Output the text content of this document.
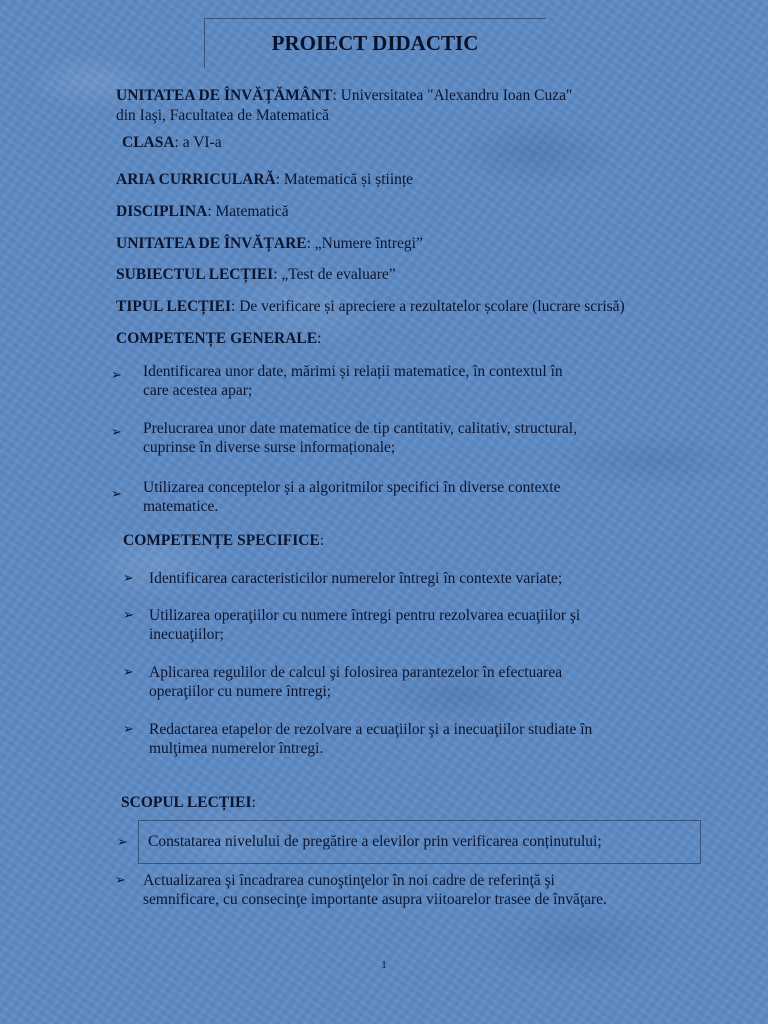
PROIECT DIDACTIC
UNITATEA DE ÎNVĂȚĂMÂNT: Universitatea "Alexandru Ioan Cuza"
din Iaşi, Facultatea de Matematică
CLASA: a VI-a
ARIA CURRICULARĂ: Matematică și științe
DISCIPLINA: Matematică
UNITATEA DE ÎNVĂȚARE: „Numere întregi”
SUBIECTUL LECȚIEI: „Test de evaluare”
TIPUL LECȚIEI: De verificare și apreciere a rezultatelor școlare (lucrare scrisă)
COMPETENȚE GENERALE:
➢ Identificarea unor date, mărimi și relații matematice, în contextul în
care acestea apar;
➢ Prelucrarea unor date matematice de tip cantitativ, calitativ, structural,
cuprinse în diverse surse informaționale;
➢ Utilizarea conceptelor și a algoritmilor specifici în diverse contexte
matematice.
COMPETENȚE SPECIFICE:
➢ Identificarea caracteristicilor numerelor întregi în contexte variate;
➢ Utilizarea operaţiilor cu numere întregi pentru rezolvarea ecuaţiilor şi
inecuaţiilor;
➢ Aplicarea regulilor de calcul şi folosirea parantezelor în efectuarea
operaţiilor cu numere întregi;
➢ Redactarea etapelor de rezolvare a ecuaţiilor şi a inecuaţiilor studiate în
mulţimea numerelor întregi.
SCOPUL LECȚIEI:
➢ Constatarea nivelului de pregătire a elevilor prin verificarea conținutului;
➢ Actualizarea şi încadrarea cunoştinţelor în noi cadre de referinţă şi
semnificare, cu consecinţe importante asupra viitoarelor trasee de învăţare.
1
